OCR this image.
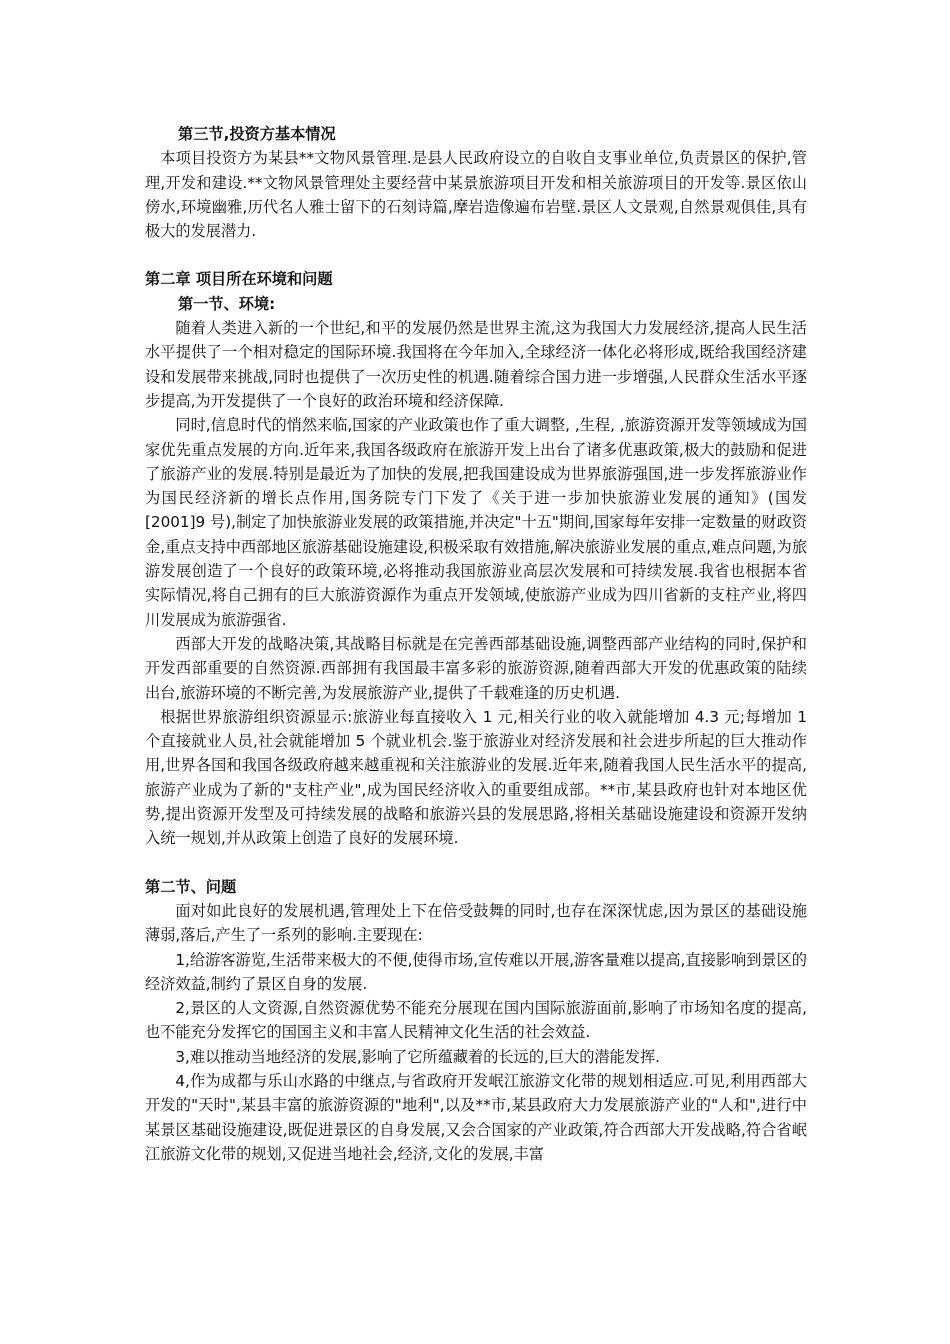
第三节,投资方基本情况

本项目投资方为某县**文物风景管理.是县人民政府设立的自收自支事业单位,负责景区的保护,管理,开发和建设.**文物风景管理处主要经营中某景旅游项目开发和相关旅游项目的开发等.景区依山傍水,环境幽雅,历代名人雅士留下的石刻诗篇,摩岩造像遍布岩壁.景区人文景观,自然景观俱佳,具有极大的发展潜力.

第二章 项目所在环境和问题

第一节、环境:

随着人类进入新的一个世纪,和平的发展仍然是世界主流,这为我国大力发展经济,提高人民生活水平提供了一个相对稳定的国际环境.我国将在今年加入,全球经济一体化必将形成,既给我国经济建设和发展带来挑战,同时也提供了一次历史性的机遇.随着综合国力进一步增强,人民群众生活水平逐步提高,为开发提供了一个良好的政治环境和经济保障.

同时,信息时代的悄然来临,国家的产业政策也作了重大调整, ,生程, ,旅游资源开发等领域成为国家优先重点发展的方向.近年来,我国各级政府在旅游开发上出台了诸多优惠政策,极大的鼓励和促进了旅游产业的发展.特别是最近为了加快的发展,把我国建设成为世界旅游强国,进一步发挥旅游业作为国民经济新的增长点作用,国务院专门下发了《关于进一步加快旅游业发展的通知》(国发[2001]9 号),制定了加快旅游业发展的政策措施,并决定"十五"期间,国家每年安排一定数量的财政资金,重点支持中西部地区旅游基础设施建设,积极采取有效措施,解决旅游业发展的重点,难点问题,为旅游发展创造了一个良好的政策环境,必将推动我国旅游业高层次发展和可持续发展.我省也根据本省实际情况,将自己拥有的巨大旅游资源作为重点开发领域,使旅游产业成为四川省新的支柱产业,将四川发展成为旅游强省.

西部大开发的战略决策,其战略目标就是在完善西部基础设施,调整西部产业结构的同时,保护和开发西部重要的自然资源.西部拥有我国最丰富多彩的旅游资源,随着西部大开发的优惠政策的陆续出台,旅游环境的不断完善,为发展旅游产业,提供了千载难逢的历史机遇.

根据世界旅游组织资源显示:旅游业每直接收入 1 元,相关行业的收入就能增加 4.3 元;每增加 1 个直接就业人员,社会就能增加 5 个就业机会.鉴于旅游业对经济发展和社会进步所起的巨大推动作用,世界各国和我国各级政府越来越重视和关注旅游业的发展.近年来,随着我国人民生活水平的提高,旅游产业成为了新的"支柱产业",成为国民经济收入的重要组成部。**市,某县政府也针对本地区优势,提出资源开发型及可持续发展的战略和旅游兴县的发展思路,将相关基础设施建设和资源开发纳入统一规划,并从政策上创造了良好的发展环境.

第二节、问题

面对如此良好的发展机遇,管理处上下在倍受鼓舞的同时,也存在深深忧虑,因为景区的基础设施薄弱,落后,产生了一系列的影响.主要现在:

1,给游客游览,生活带来极大的不便,使得市场,宣传难以开展,游客量难以提高,直接影响到景区的经济效益,制约了景区自身的发展.

2,景区的人文资源,自然资源优势不能充分展现在国内国际旅游面前,影响了市场知名度的提高,也不能充分发挥它的国国主义和丰富人民精神文化生活的社会效益.

3,难以推动当地经济的发展,影响了它所蕴藏着的长远的,巨大的潜能发挥.

4,作为成都与乐山水路的中继点,与省政府开发岷江旅游文化带的规划相适应.可见,利用西部大开发的"天时",某县丰富的旅游资源的"地利",以及**市,某县政府大力发展旅游产业的"人和",进行中某景区基础设施建设,既促进景区的自身发展,又会合国家的产业政策,符合西部大开发战略,符合省岷江旅游文化带的规划,又促进当地社会,经济,文化的发展,丰富
